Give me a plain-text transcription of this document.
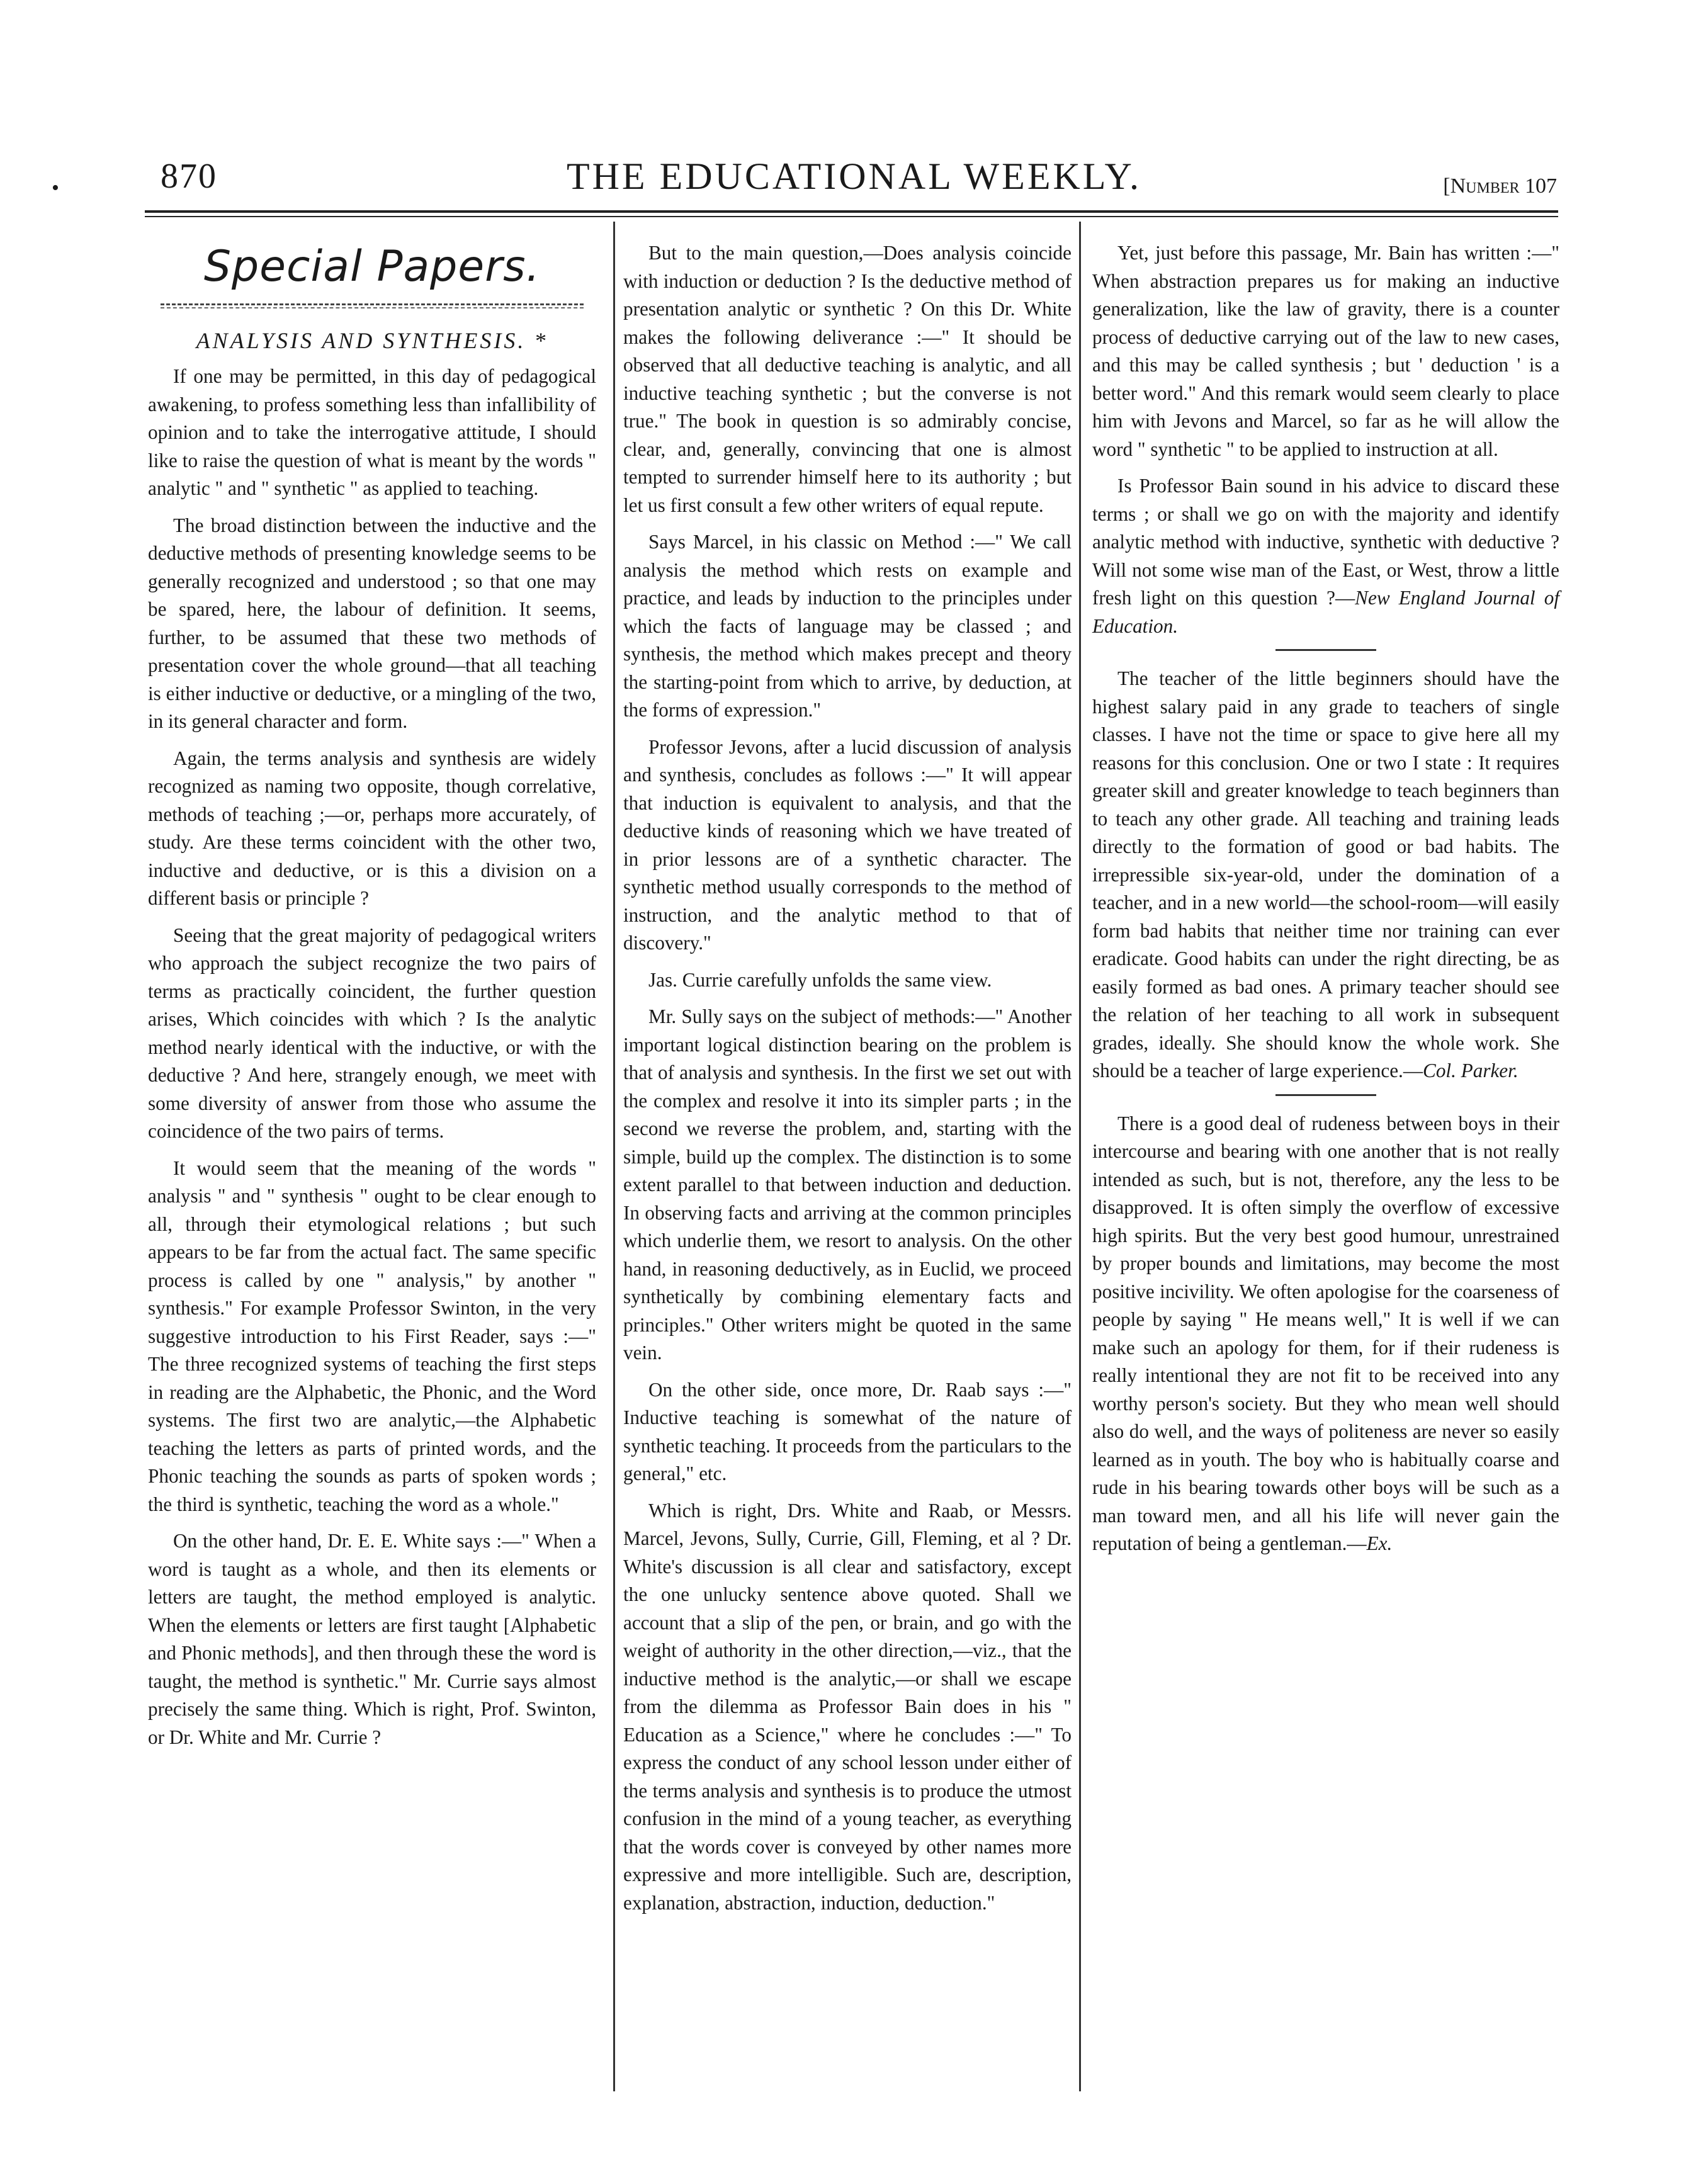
•	THE EDUCATIONAL WEEKLY.
870	[Number 107
Special Papers.
ANALYSIS AND SYNTHESIS. *

If one may be permitted, in this day of pedagogical awakening, to profess something less than infallibility of opinion and to take the interrogative attitude, I should like to raise the question of what is meant by the words " analytic " and " synthetic " as applied to teaching.

The broad distinction between the inductive and the deductive methods of presenting knowledge seems to be generally recognized and understood ; so that one may be spared, here, the labour of definition. It seems, further, to be assumed that these two methods of presentation cover the whole ground—that all teaching is either inductive or deductive, or a mingling of the two, in its general character and form.

Again, the terms analysis and synthesis are widely recognized as naming two opposite, though correlative, methods of teaching ;—or, perhaps more accurately, of study. Are these terms coincident with the other two, inductive and deductive, or is this a division on a different basis or principle ?

Seeing that the great majority of pedagogical writers who approach the subject recognize the two pairs of terms as practically coincident, the further question arises, Which coincides with which ? Is the analytic method nearly identical with the inductive, or with the deductive ? And here, strangely enough, we meet with some diversity of answer from those who assume the coincidence of the two pairs of terms.

It would seem that the meaning of the words " analysis " and " synthesis " ought to be clear enough to all, through their etymological relations ; but such appears to be far from the actual fact. The same specific process is called by one " analysis," by another " synthesis." For example Professor Swinton, in the very suggestive introduction to his First Reader, says :—" The three recognized systems of teaching the first steps in reading are the Alphabetic, the Phonic, and the Word systems. The first two are analytic,—the Alphabetic teaching the letters as parts of printed words, and the Phonic teaching the sounds as parts of spoken words ; the third is synthetic, teaching the word as a whole."

On the other hand, Dr. E. E. White says :—" When a word is taught as a whole, and then its elements or letters are taught, the method employed is analytic. When the elements or letters are first taught [Alphabetic and Phonic methods], and then through these the word is taught, the method is synthetic." Mr. Currie says almost precisely the same thing. Which is right, Prof. Swinton, or Dr. White and Mr. Currie ?

But to the main question,—Does analysis coincide with induction or deduction ? Is the deductive method of presentation analytic or synthetic ? On this Dr. White makes the following deliverance :—" It should be observed that all deductive teaching is analytic, and all inductive teaching synthetic ; but the converse is not true." The book in question is so admirably concise, clear, and, generally, convincing that one is almost tempted to surrender himself here to its authority ; but let us first consult a few other writers of equal repute.

Says Marcel, in his classic on Method :—" We call analysis the method which rests on example and practice, and leads by induction to the principles under which the facts of language may be classed ; and synthesis, the method which makes precept and theory the starting-point from which to arrive, by deduction, at the forms of expression."

Professor Jevons, after a lucid discussion of analysis and synthesis, concludes as follows :—" It will appear that induction is equivalent to analysis, and that the deductive kinds of reasoning which we have treated of in prior lessons are of a synthetic character. The synthetic method usually corresponds to the method of instruction, and the analytic method to that of discovery."

Jas. Currie carefully unfolds the same view.

Mr. Sully says on the subject of methods:—" Another important logical distinction bearing on the problem is that of analysis and synthesis. In the first we set out with the complex and resolve it into its simpler parts ; in the second we reverse the problem, and, starting with the simple, build up the complex. The distinction is to some extent parallel to that between induction and deduction. In observing facts and arriving at the common principles which underlie them, we resort to analysis. On the other hand, in reasoning deductively, as in Euclid, we proceed synthetically by combining elementary facts and principles." Other writers might be quoted in the same vein.

On the other side, once more, Dr. Raab says :—" Inductive teaching is somewhat of the nature of synthetic teaching. It proceeds from the particulars to the general," etc.

Which is right, Drs. White and Raab, or Messrs. Marcel, Jevons, Sully, Currie, Gill, Fleming, et al ? Dr. White's discussion is all clear and satisfactory, except the one unlucky sentence above quoted. Shall we account that a slip of the pen, or brain, and go with the weight of authority in the other direction,—viz., that the inductive method is the analytic,—or shall we escape from the dilemma as Professor Bain does in his " Education as a Science," where he concludes :—" To express the conduct of any school lesson under either of the terms analysis and synthesis is to produce the utmost confusion in the mind of a young teacher, as everything that the words cover is conveyed by other names more expressive and more intelligible. Such are, description, explanation, abstraction, induction, deduction."

Yet, just before this passage, Mr. Bain has written :—" When abstraction prepares us for making an inductive generalization, like the law of gravity, there is a counter process of deductive carrying out of the law to new cases, and this may be called synthesis ; but ' deduction ' is a better word." And this remark would seem clearly to place him with Jevons and Marcel, so far as he will allow the word " synthetic " to be applied to instruction at all.

Is Professor Bain sound in his advice to discard these terms ; or shall we go on with the majority and identify analytic method with inductive, synthetic with deductive ? Will not some wise man of the East, or West, throw a little fresh light on this question ?—New England Journal of Education.

The teacher of the little beginners should have the highest salary paid in any grade to teachers of single classes. I have not the time or space to give here all my reasons for this conclusion. One or two I state : It requires greater skill and greater knowledge to teach beginners than to teach any other grade. All teaching and training leads directly to the formation of good or bad habits. The irrepressible six-year-old, under the domination of a teacher, and in a new world—the school-room—will easily form bad habits that neither time nor training can ever eradicate. Good habits can under the right directing, be as easily formed as bad ones. A primary teacher should see the relation of her teaching to all work in subsequent grades, ideally. She should know the whole work. She should be a teacher of large experience.—Col. Parker.

There is a good deal of rudeness between boys in their intercourse and bearing with one another that is not really intended as such, but is not, therefore, any the less to be disapproved. It is often simply the overflow of excessive high spirits. But the very best good humour, unrestrained by proper bounds and limitations, may become the most positive incivility. We often apologise for the coarseness of people by saying " He means well," It is well if we can make such an apology for them, for if their rudeness is really intentional they are not fit to be received into any worthy person's society. But they who mean well should also do well, and the ways of politeness are never so easily learned as in youth. The boy who is habitually coarse and rude in his bearing towards other boys will be such as a man toward men, and all his life will never gain the reputation of being a gentleman.—Ex.
